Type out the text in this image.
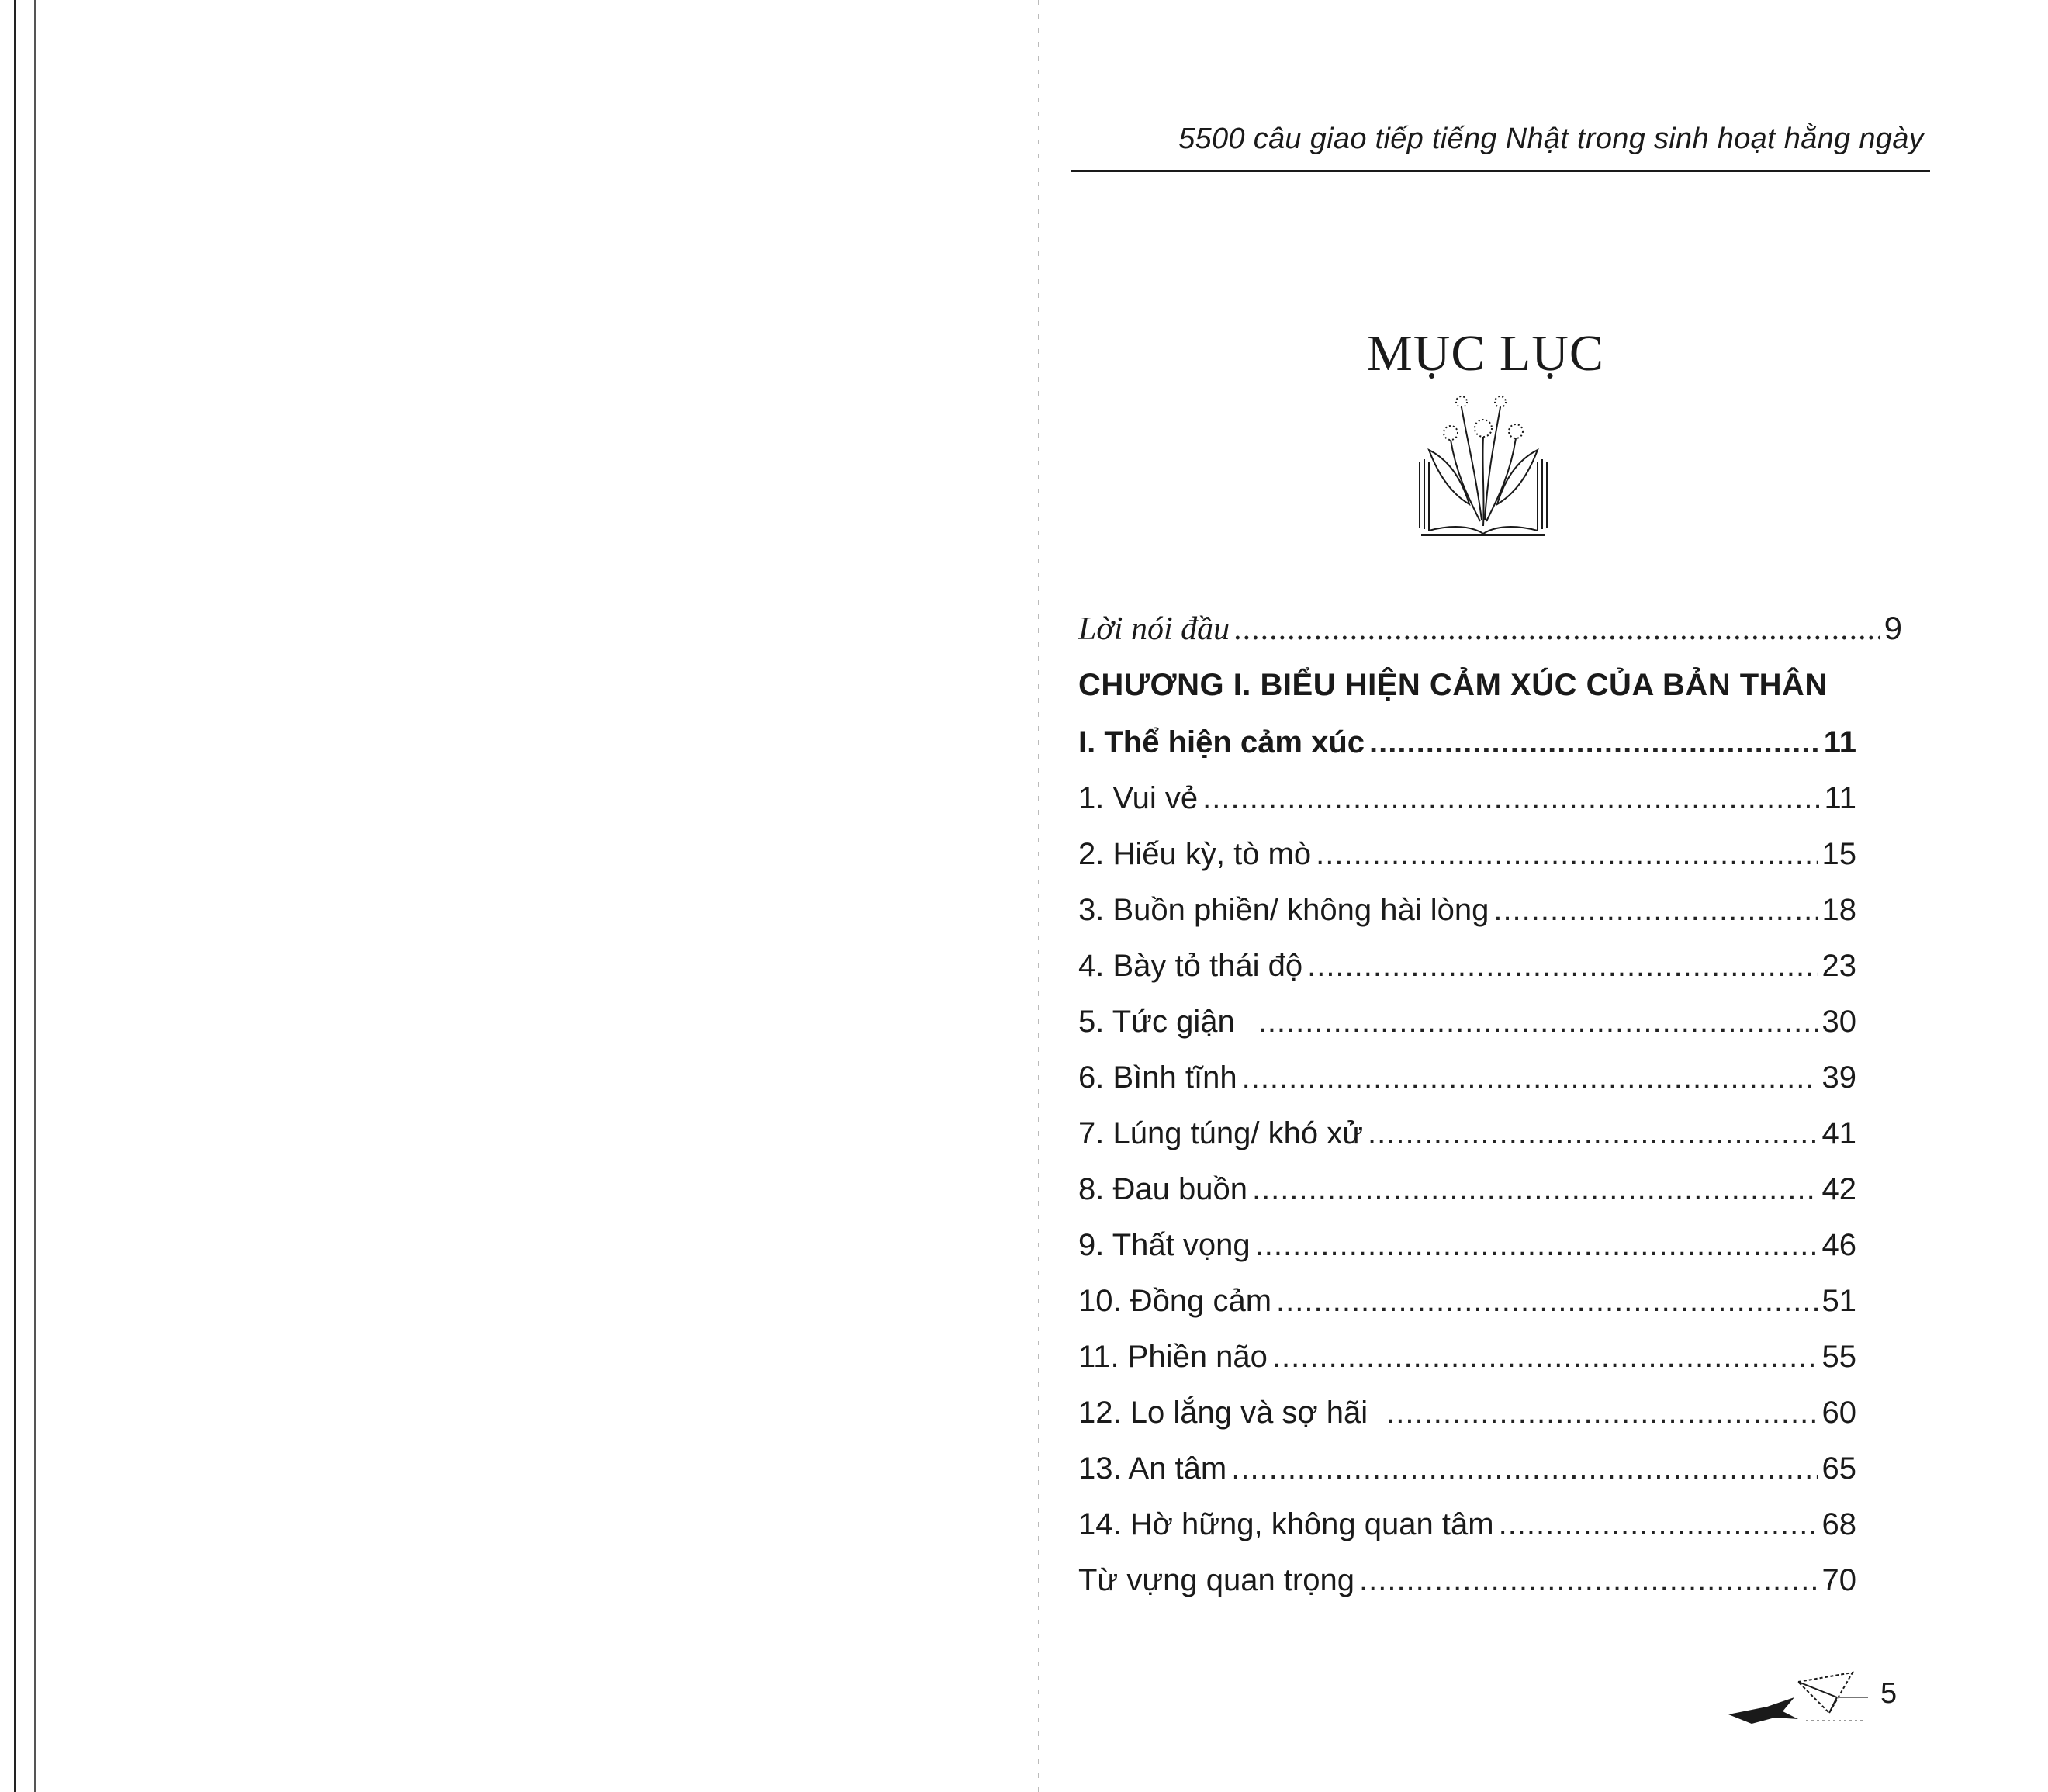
5500 câu giao tiếp tiếng Nhật trong sinh hoạt hằng ngày
MỤC LỤC
Lời nói đầu .....	9
CHƯƠNG I. BIỂU HIỆN CẢM XÚC CỦA BẢN THÂN
I. Thể hiện cảm xúc .....	11
1. Vui vẻ .....	11
2. Hiếu kỳ, tò mò .....	15
3. Buồn phiền/ không hài lòng .....	18
4. Bày tỏ thái độ .....	23
5. Tức giận .....	30
6. Bình tĩnh .....	39
7. Lúng túng/ khó xử .....	41
8. Đau buồn .....	42
9. Thất vọng .....	46
10. Đồng cảm .....	51
11. Phiền não .....	55
12. Lo lắng và sợ hãi .....	60
13. An tâm .....	65
14. Hờ hững, không quan tâm .....	68
Từ vựng quan trọng .....	70
5
